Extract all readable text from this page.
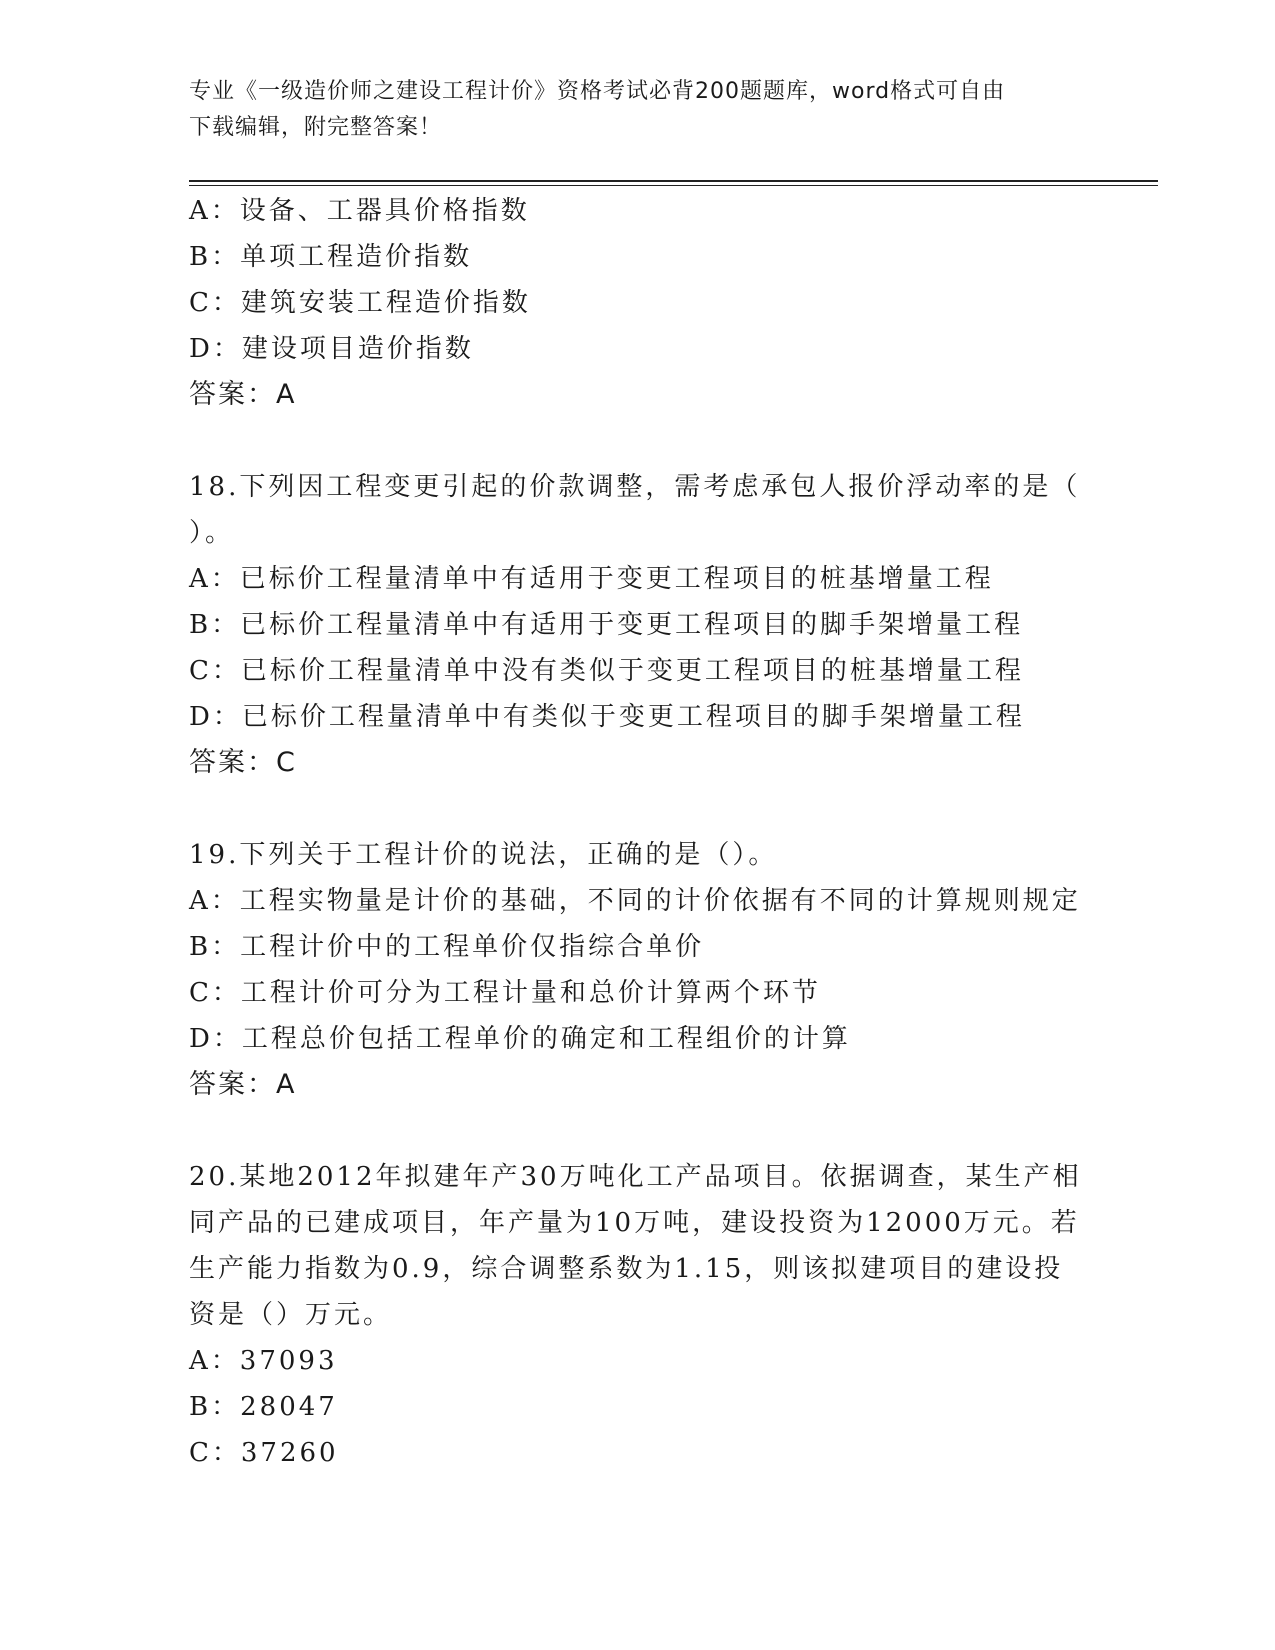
专业《一级造价师之建设工程计价》资格考试必背200题题库，word格式可自由
下载编辑，附完整答案！
A：设备、工器具价格指数
B：单项工程造价指数
C：建筑安装工程造价指数
D：建设项目造价指数
答案：A
18.下列因工程变更引起的价款调整，需考虑承包人报价浮动率的是（
）。
A：已标价工程量清单中有适用于变更工程项目的桩基增量工程
B：已标价工程量清单中有适用于变更工程项目的脚手架增量工程
C：已标价工程量清单中没有类似于变更工程项目的桩基增量工程
D：已标价工程量清单中有类似于变更工程项目的脚手架增量工程
答案：C
19.下列关于工程计价的说法，正确的是（）。
A：工程实物量是计价的基础，不同的计价依据有不同的计算规则规定
B：工程计价中的工程单价仅指综合单价
C：工程计价可分为工程计量和总价计算两个环节
D：工程总价包括工程单价的确定和工程组价的计算
答案：A
20.某地2012年拟建年产30万吨化工产品项目。依据调查，某生产相
同产品的已建成项目，年产量为10万吨，建设投资为12000万元。若
生产能力指数为0.9，综合调整系数为1.15，则该拟建项目的建设投
资是（）万元。
A：37093
B：28047
C：37260
